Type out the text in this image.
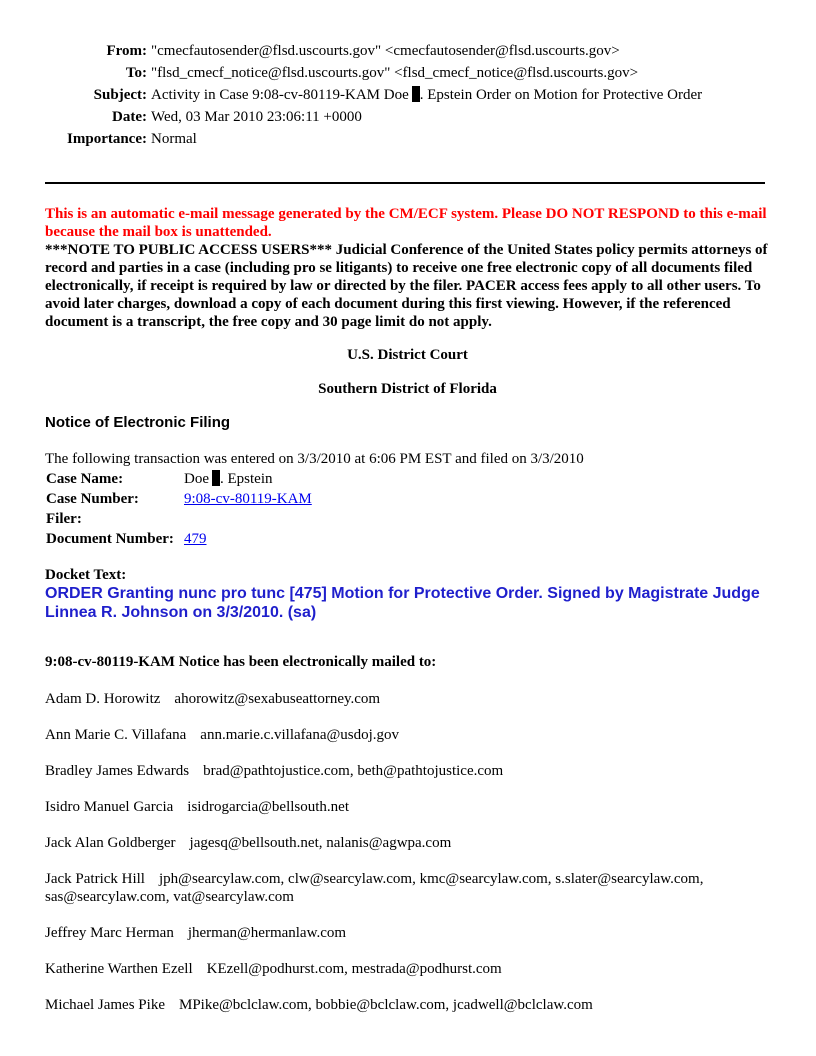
From:	"cmecfautosender@flsd.uscourts.gov" <cmecfautosender@flsd.uscourts.gov>
To:	"flsd_cmecf_notice@flsd.uscourts.gov" <flsd_cmecf_notice@flsd.uscourts.gov>
Subject:	Activity in Case 9:08-cv-80119-KAM Doe . Epstein Order on Motion for Protective Order
Date:	Wed, 03 Mar 2010 23:06:11 +0000
Importance:	Normal
This is an automatic e-mail message generated by the CM/ECF system. Please DO NOT RESPOND to this e-mail because the mail box is unattended.
***NOTE TO PUBLIC ACCESS USERS*** Judicial Conference of the United States policy permits attorneys of record and parties in a case (including pro se litigants) to receive one free electronic copy of all documents filed electronically, if receipt is required by law or directed by the filer. PACER access fees apply to all other users. To avoid later charges, download a copy of each document during this first viewing. However, if the referenced document is a transcript, the free copy and 30 page limit do not apply.
U.S. District Court
Southern District of Florida
Notice of Electronic Filing
The following transaction was entered on 3/3/2010 at 6:06 PM EST and filed on 3/3/2010
Case Name:	Doe . Epstein
Case Number:	9:08-cv-80119-KAM
Filer:	
Document Number:	479
Docket Text:
ORDER Granting nunc pro tunc [475] Motion for Protective Order. Signed by Magistrate Judge Linnea R. Johnson on 3/3/2010. (sa)
9:08-cv-80119-KAM Notice has been electronically mailed to:
Adam D. Horowitz ahorowitz@sexabuseattorney.com
Ann Marie C. Villafana ann.marie.c.villafana@usdoj.gov
Bradley James Edwards brad@pathtojustice.com, beth@pathtojustice.com
Isidro Manuel Garcia isidrogarcia@bellsouth.net
Jack Alan Goldberger jagesq@bellsouth.net, nalanis@agwpa.com
Jack Patrick Hill jph@searcylaw.com, clw@searcylaw.com, kmc@searcylaw.com, s.slater@searcylaw.com, sas@searcylaw.com, vat@searcylaw.com
Jeffrey Marc Herman jherman@hermanlaw.com
Katherine Warthen Ezell KEzell@podhurst.com, mestrada@podhurst.com
Michael James Pike MPike@bclclaw.com, bobbie@bclclaw.com, jcadwell@bclclaw.com
